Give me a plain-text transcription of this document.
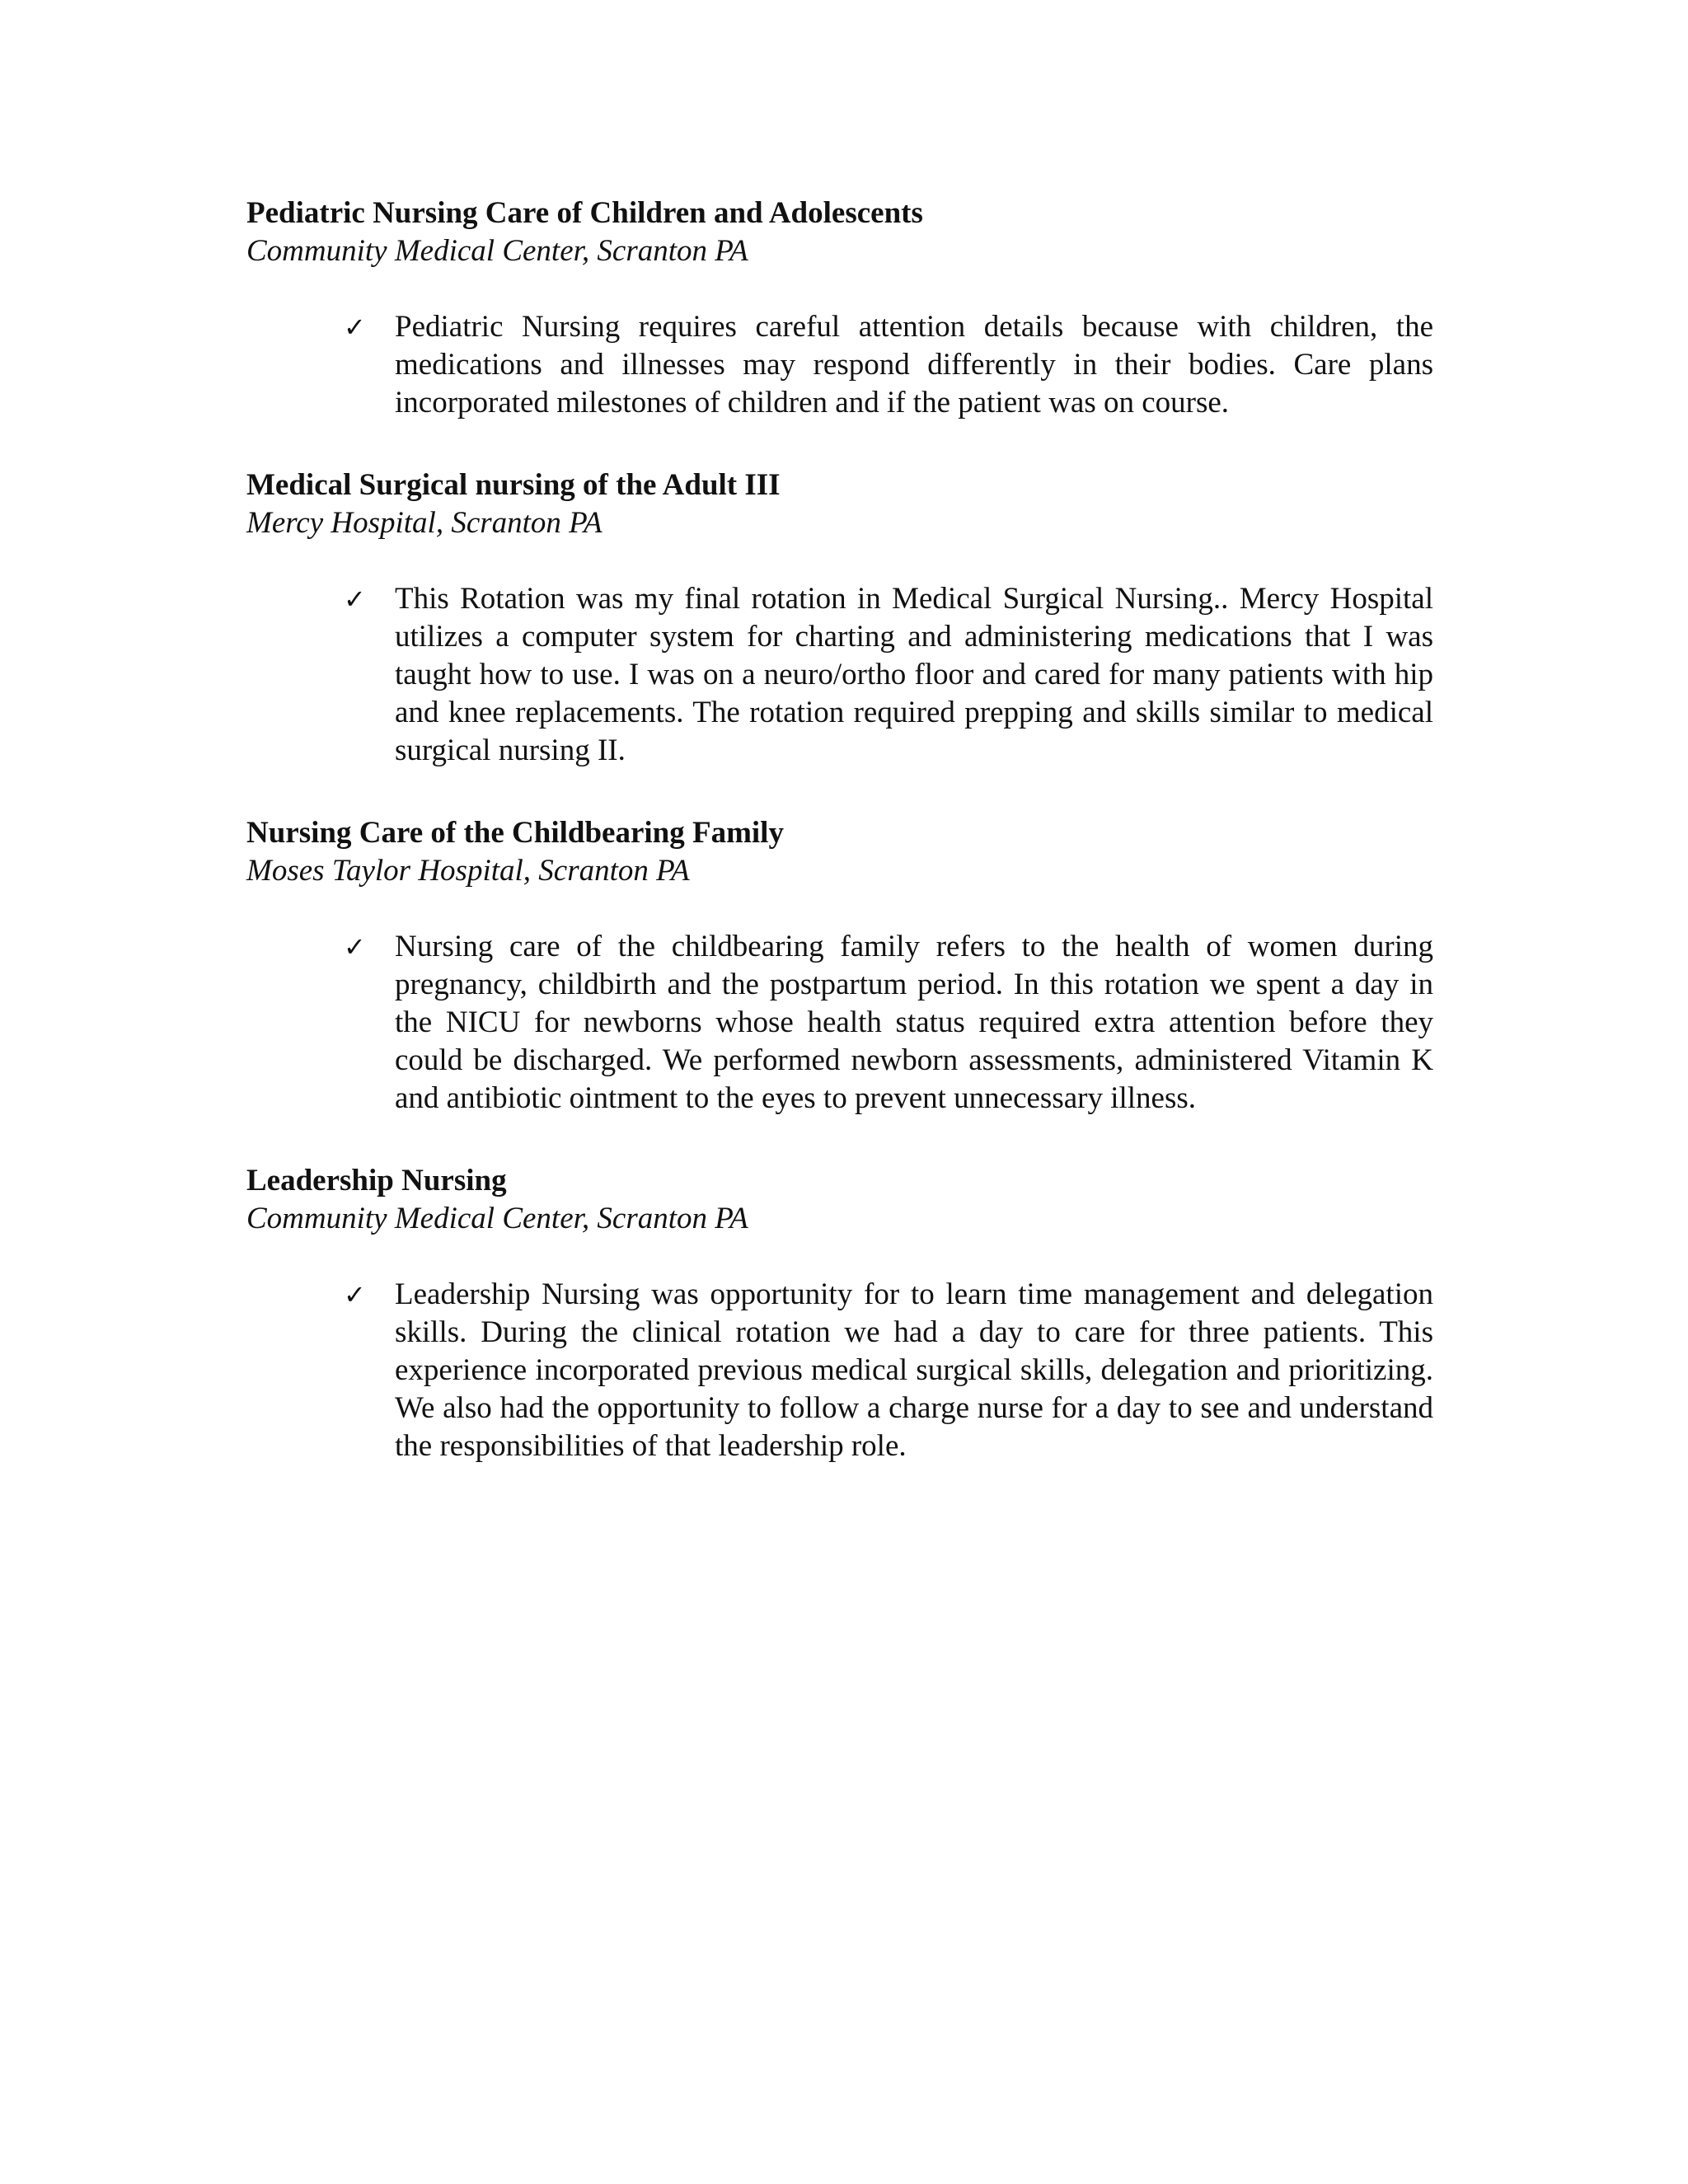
Pediatric Nursing Care of Children and Adolescents

Community Medical Center, Scranton PA

✓ Pediatric Nursing requires careful attention details because with children, the medications and illnesses may respond differently in their bodies. Care plans incorporated milestones of children and if the patient was on course.

Medical Surgical nursing of the Adult III

Mercy Hospital, Scranton PA

✓ This Rotation was my final rotation in Medical Surgical Nursing.. Mercy Hospital utilizes a computer system for charting and administering medications that I was taught how to use. I was on a neuro/ortho floor and cared for many patients with hip and knee replacements. The rotation required prepping and skills similar to medical surgical nursing II.

Nursing Care of the Childbearing Family

Moses Taylor Hospital, Scranton PA

✓ Nursing care of the childbearing family refers to the health of women during pregnancy, childbirth and the postpartum period. In this rotation we spent a day in the NICU for newborns whose health status required extra attention before they could be discharged. We performed newborn assessments, administered Vitamin K and antibiotic ointment to the eyes to prevent unnecessary illness.

Leadership Nursing

Community Medical Center, Scranton PA

✓ Leadership Nursing was opportunity for to learn time management and delegation skills. During the clinical rotation we had a day to care for three patients. This experience incorporated previous medical surgical skills, delegation and prioritizing. We also had the opportunity to follow a charge nurse for a day to see and understand the responsibilities of that leadership role.
